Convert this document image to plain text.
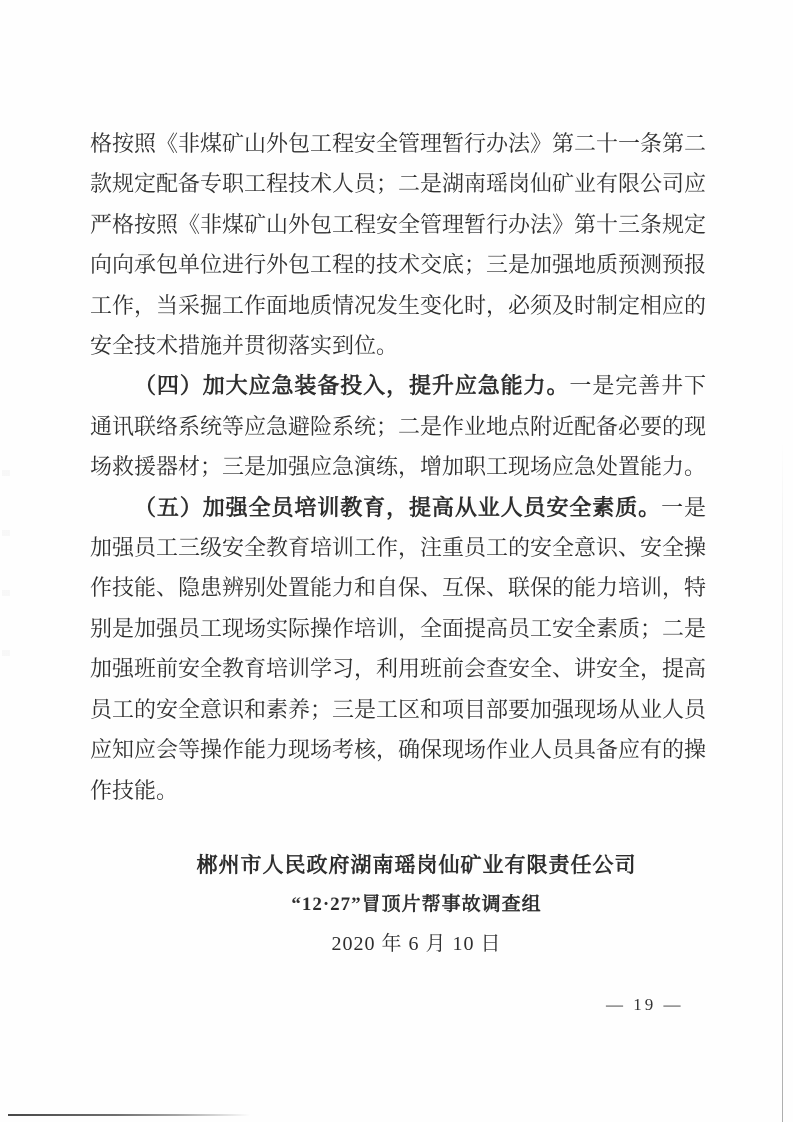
格按照《非煤矿山外包工程安全管理暂行办法》第二十一条第二款规定配备专职工程技术人员；二是湖南瑶岗仙矿业有限公司应严格按照《非煤矿山外包工程安全管理暂行办法》第十三条规定向向承包单位进行外包工程的技术交底；三是加强地质预测预报工作，当采掘工作面地质情况发生变化时，必须及时制定相应的安全技术措施并贯彻落实到位。

（四）加大应急装备投入，提升应急能力。一是完善井下通讯联络系统等应急避险系统；二是作业地点附近配备必要的现场救援器材；三是加强应急演练，增加职工现场应急处置能力。

（五）加强全员培训教育，提高从业人员安全素质。一是加强员工三级安全教育培训工作，注重员工的安全意识、安全操作技能、隐患辨别处置能力和自保、互保、联保的能力培训，特别是加强员工现场实际操作培训，全面提高员工安全素质；二是加强班前安全教育培训学习，利用班前会查安全、讲安全，提高员工的安全意识和素养；三是工区和项目部要加强现场从业人员应知应会等操作能力现场考核，确保现场作业人员具备应有的操作技能。

郴州市人民政府湖南瑶岗仙矿业有限责任公司
“12·27”冒顶片帮事故调查组
2020 年 6 月 10 日
— 19 —
